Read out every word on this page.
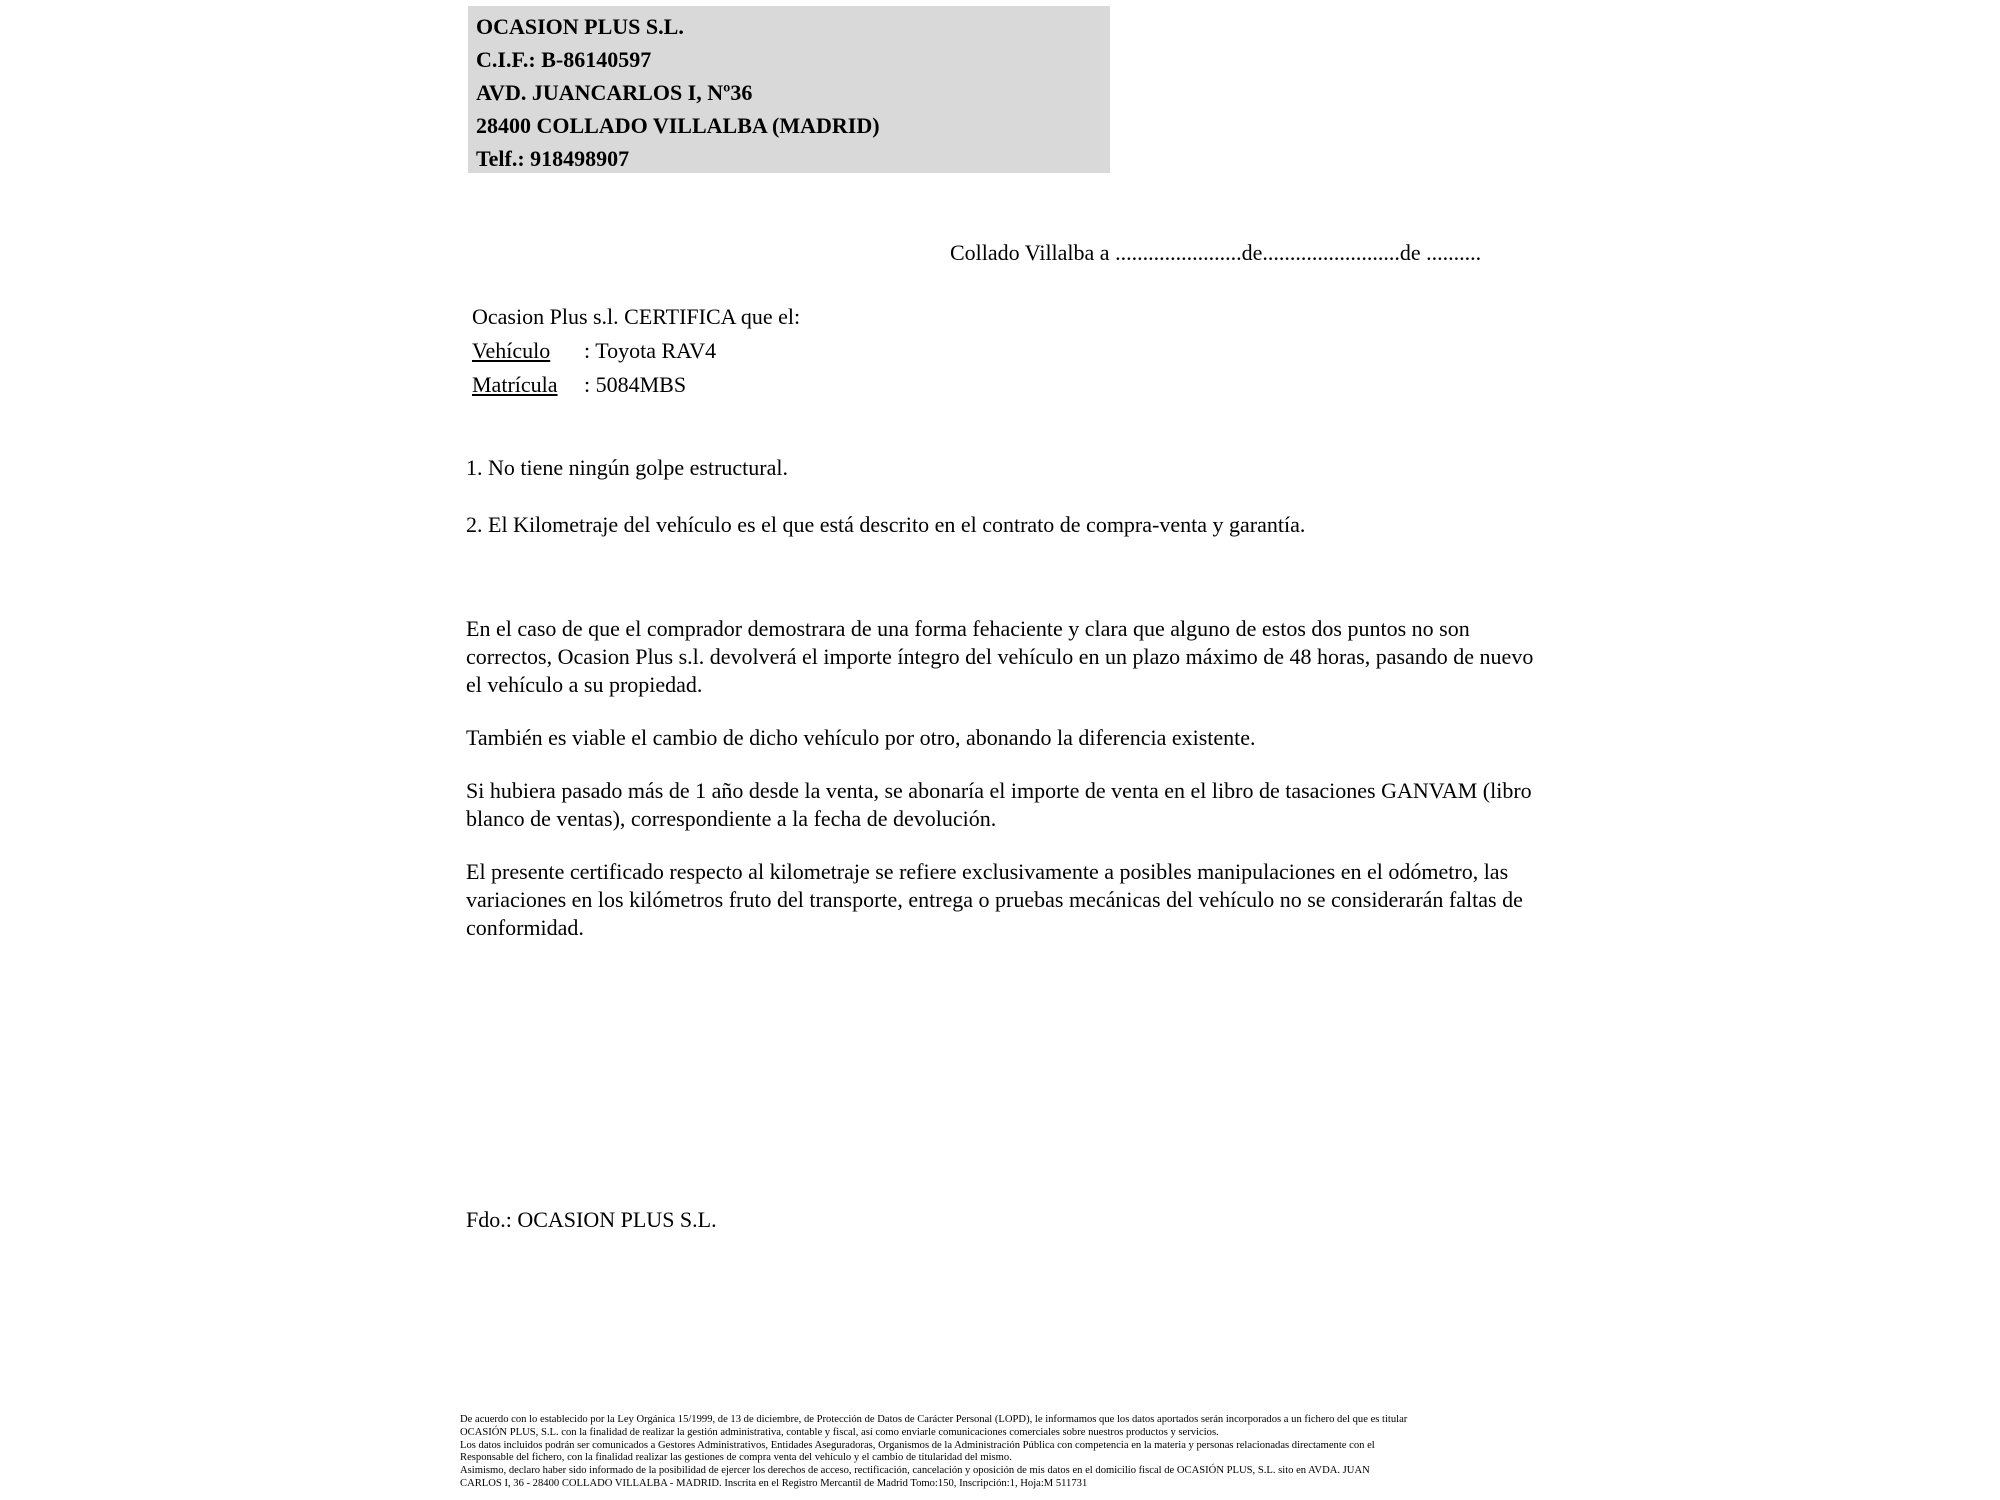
OCASION PLUS S.L.
C.I.F.: B-86140597
AVD. JUANCARLOS I, Nº36
28400 COLLADO VILLALBA (MADRID)
Telf.: 918498907
Collado Villalba a .......................de.........................de ..........
Ocasion Plus s.l. CERTIFICA que el:
Vehículo : Toyota RAV4
Matrícula : 5084MBS
1. No tiene ningún golpe estructural.
2. El Kilometraje del vehículo es el que está descrito en el contrato de compra-venta y garantía.

En el caso de que el comprador demostrara de una forma fehaciente y clara que alguno de estos dos puntos no son correctos, Ocasion Plus s.l. devolverá el importe íntegro del vehículo en un plazo máximo de 48 horas, pasando de nuevo el vehículo a su propiedad.

También es viable el cambio de dicho vehículo por otro, abonando la diferencia existente.

Si hubiera pasado más de 1 año desde la venta, se abonaría el importe de venta en el libro de tasaciones GANVAM (libro blanco de ventas), correspondiente a la fecha de devolución.

El presente certificado respecto al kilometraje se refiere exclusivamente a posibles manipulaciones en el odómetro, las variaciones en los kilómetros fruto del transporte, entrega o pruebas mecánicas del vehículo no se considerarán faltas de conformidad.

Fdo.: OCASION PLUS S.L.
De acuerdo con lo establecido por la Ley Orgánica 15/1999, de 13 de diciembre, de Protección de Datos de Carácter Personal (LOPD), le informamos que los datos aportados serán incorporados a un fichero del que es titular
OCASIÓN PLUS, S.L. con la finalidad de realizar la gestión administrativa, contable y fiscal, así como enviarle comunicaciones comerciales sobre nuestros productos y servicios.
Los datos incluidos podrán ser comunicados a Gestores Administrativos, Entidades Aseguradoras, Organismos de la Administración Pública con competencia en la materia y personas relacionadas directamente con el
Responsable del fichero, con la finalidad realizar las gestiones de compra venta del vehículo y el cambio de titularidad del mismo.
Asimismo, declaro haber sido informado de la posibilidad de ejercer los derechos de acceso, rectificación, cancelación y oposición de mis datos en el domicilio fiscal de OCASIÓN PLUS, S.L. sito en AVDA. JUAN
CARLOS I, 36 - 28400 COLLADO VILLALBA - MADRID. Inscrita en el Registro Mercantil de Madrid Tomo:150, Inscripción:1, Hoja:M 511731
